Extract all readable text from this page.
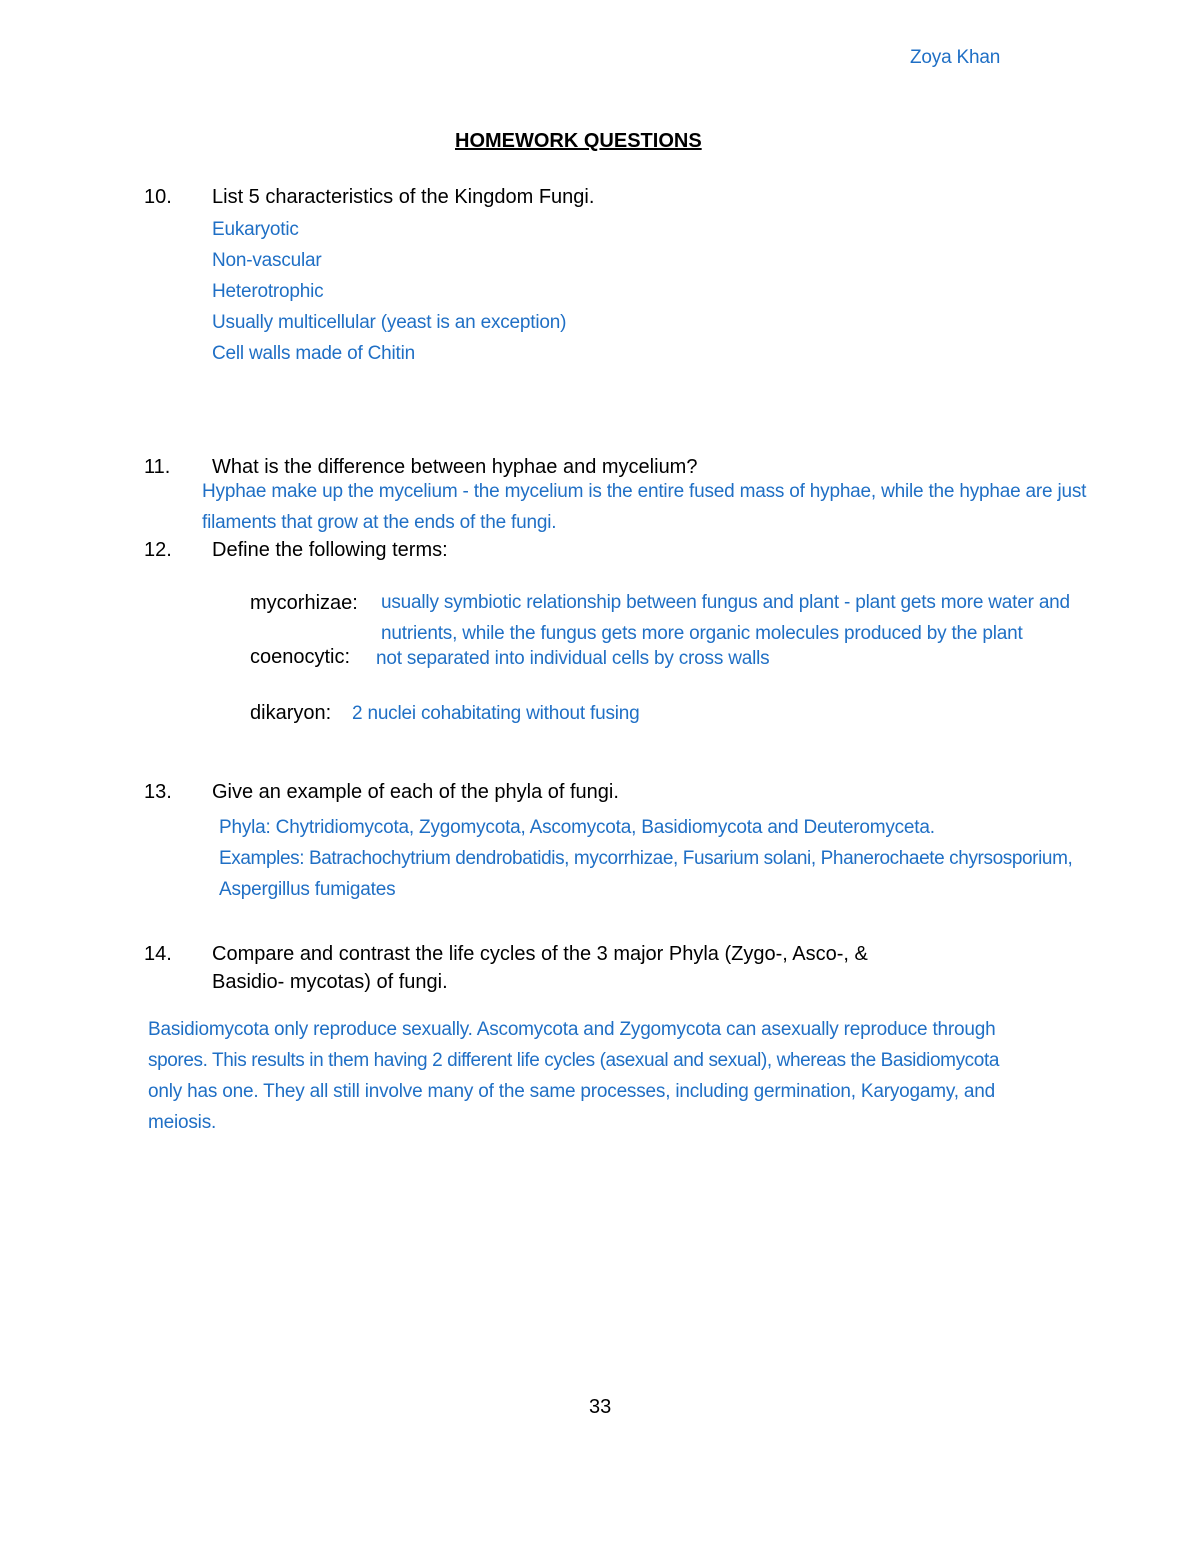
Zoya Khan
HOMEWORK QUESTIONS
10. List 5 characteristics of the Kingdom Fungi.
Eukaryotic
Non-vascular
Heterotrophic
Usually multicellular (yeast is an exception)
Cell walls made of Chitin
11. What is the difference between hyphae and mycelium?
Hyphae make up the mycelium - the mycelium is the entire fused mass of hyphae, while the hyphae are just
filaments that grow at the ends of the fungi.
12. Define the following terms:
mycorhizae: usually symbiotic relationship between fungus and plant - plant gets more water and
nutrients, while the fungus gets more organic molecules produced by the plant
coenocytic: not separated into individual cells by cross walls
dikaryon: 2 nuclei cohabitating without fusing
13. Give an example of each of the phyla of fungi.
Phyla: Chytridiomycota, Zygomycota, Ascomycota, Basidiomycota and Deuteromyceta.
Examples: Batrachochytrium dendrobatidis, mycorrhizae, Fusarium solani, Phanerochaete chyrsosporium,
Aspergillus fumigates
14. Compare and contrast the life cycles of the 3 major Phyla (Zygo-, Asco-, &
Basidio- mycotas) of fungi.
Basidiomycota only reproduce sexually. Ascomycota and Zygomycota can asexually reproduce through
spores. This results in them having 2 different life cycles (asexual and sexual), whereas the Basidiomycota
only has one. They all still involve many of the same processes, including germination, Karyogamy, and
meiosis.
33
